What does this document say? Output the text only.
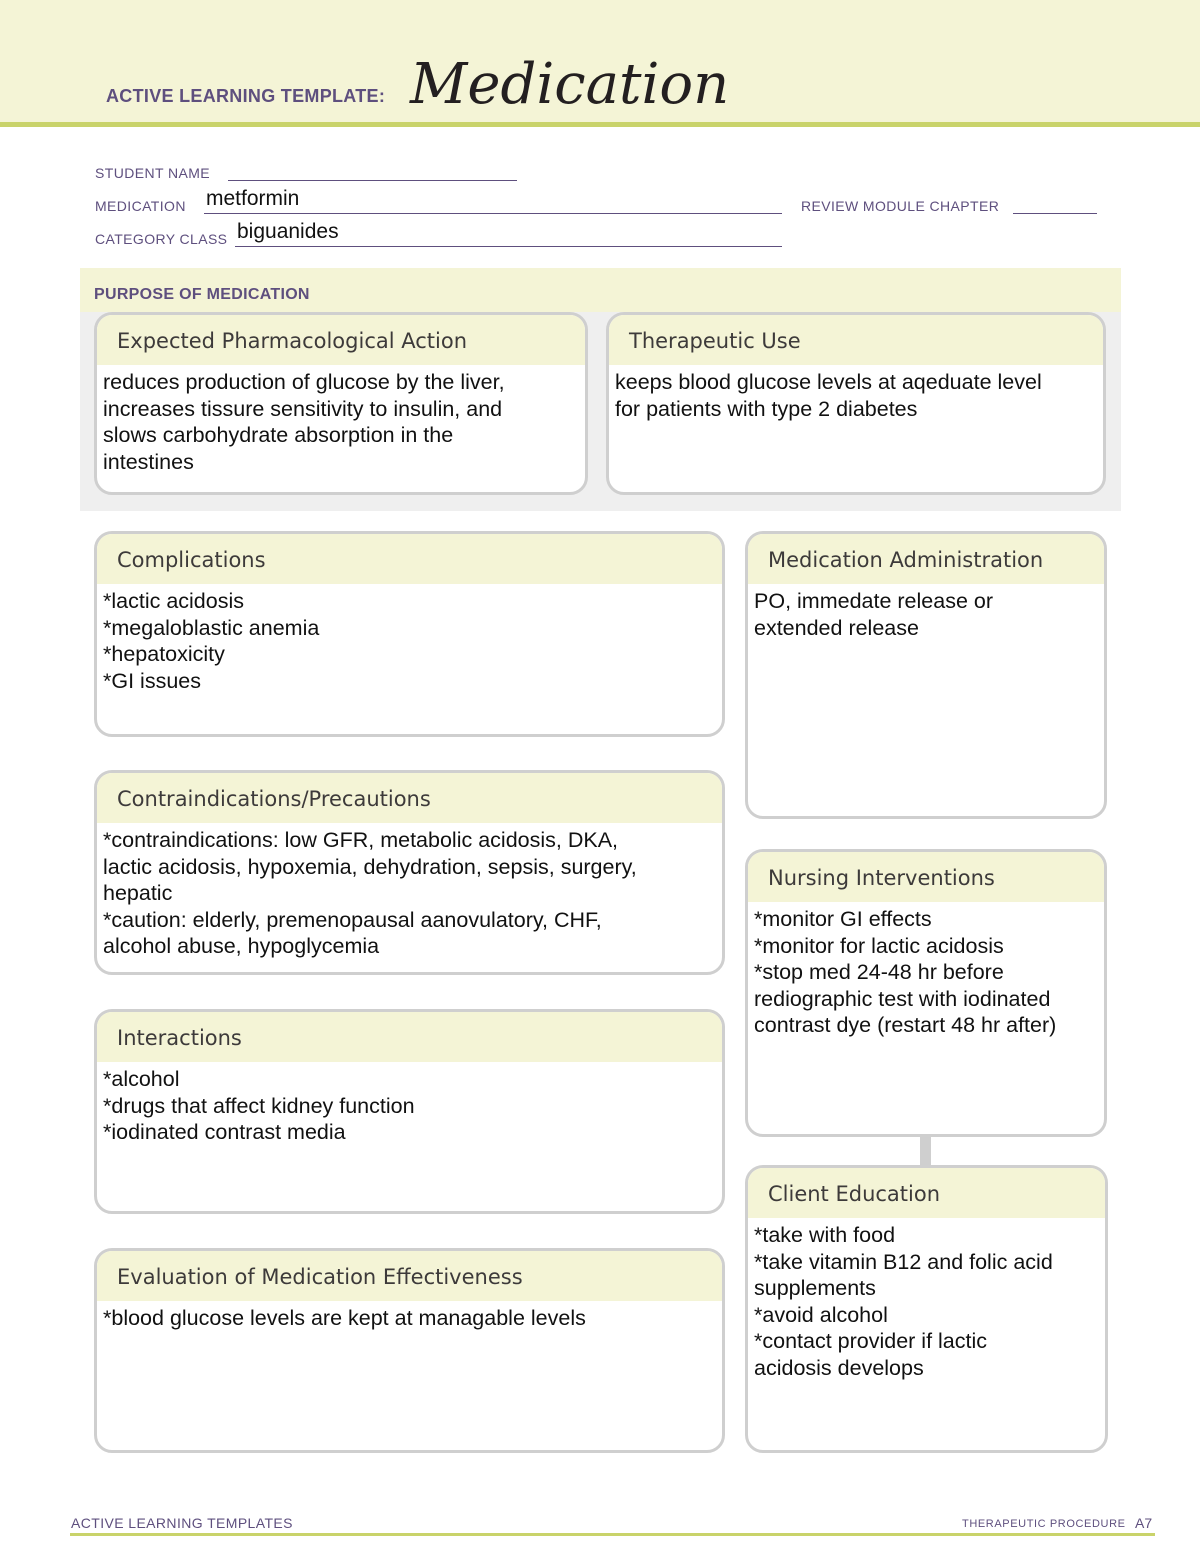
ACTIVE LEARNING TEMPLATE: Medication
STUDENT NAME
MEDICATION metformin	REVIEW MODULE CHAPTER
CATEGORY CLASS biguanides
PURPOSE OF MEDICATION
Expected Pharmacological Action
reduces production of glucose by the liver,
increases tissure sensitivity to insulin, and
slows carbohydrate absorption in the
intestines
Therapeutic Use
keeps blood glucose levels at aqeduate level
for patients with type 2 diabetes
Complications
*lactic acidosis
*megaloblastic anemia
*hepatoxicity
*GI issues
Contraindications/Precautions
*contraindications: low GFR, metabolic acidosis, DKA,
lactic acidosis, hypoxemia, dehydration, sepsis, surgery,
hepatic
*caution: elderly, premenopausal aanovulatory, CHF,
alcohol abuse, hypoglycemia
Interactions
*alcohol
*drugs that affect kidney function
*iodinated contrast media
Evaluation of Medication Effectiveness
*blood glucose levels are kept at managable levels
Medication Administration
PO, immedate release or
extended release
Nursing Interventions
*monitor GI effects
*monitor for lactic acidosis
*stop med 24-48 hr before
rediographic test with iodinated
contrast dye (restart 48 hr after)
Client Education
*take with food
*take vitamin B12 and folic acid
supplements
*avoid alcohol
*contact provider if lactic
acidosis develops
ACTIVE LEARNING TEMPLATES	THERAPEUTIC PROCEDURE A7
